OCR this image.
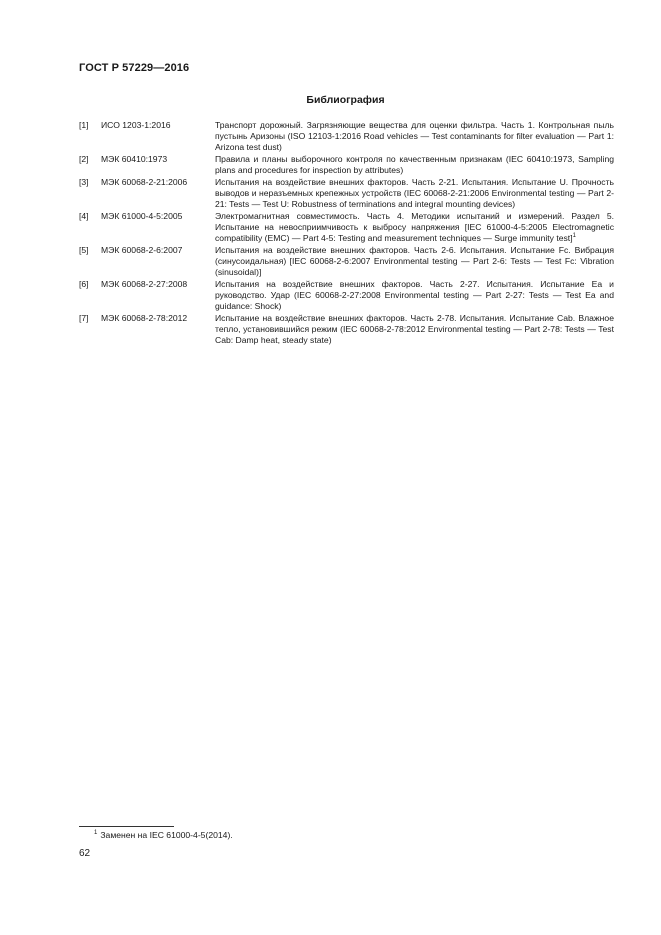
ГОСТ Р 57229—2016
Библиография
[1]	ИСО 1203-1:2016	Транспорт дорожный. Загрязняющие вещества для оценки фильтра. Часть 1. Контрольная пыль пустынь Аризоны (ISO 12103-1:2016 Road vehicles — Test contaminants for filter evaluation — Part 1: Arizona test dust)
[2]	МЭК 60410:1973	Правила и планы выборочного контроля по качественным признакам (IEC 60410:1973, Sampling plans and procedures for inspection by attributes)
[3]	МЭК 60068-2-21:2006	Испытания на воздействие внешних факторов. Часть 2-21. Испытания. Испытание U. Прочность выводов и неразъемных крепежных устройств (IEC 60068-2-21:2006 Environmental testing — Part 2-21: Tests — Test U: Robustness of terminations and integral mounting devices)
[4]	МЭК 61000-4-5:2005	Электромагнитная совместимость. Часть 4. Методики испытаний и измерений. Раздел 5. Испытание на невосприимчивость к выбросу напряжения [IEC 61000-4-5:2005 Electromagnetic compatibility (EMC) — Part 4-5: Testing and measurement techniques — Surge immunity test]$^1$
[5]	МЭК 60068-2-6:2007	Испытания на воздействие внешних факторов. Часть 2-6. Испытания. Испытание Fc. Вибрация (синусоидальная) [IEC 60068-2-6:2007 Environmental testing — Part 2-6: Tests — Test Fc: Vibration (sinusoidal)]
[6]	МЭК 60068-2-27:2008	Испытания на воздействие внешних факторов. Часть 2-27. Испытания. Испытание Ea и руководство. Удар (IEC 60068-2-27:2008 Environmental testing — Part 2-27: Tests — Test Ea and guidance: Shock)
[7]	МЭК 60068-2-78:2012	Испытание на воздействие внешних факторов. Часть 2-78. Испытания. Испытание Cab. Влажное тепло, установившийся режим (IEC 60068-2-78:2012 Environmental testing — Part 2-78: Tests — Test Cab: Damp heat, steady state)
$^1$ Заменен на IEC 61000-4-5(2014).
62
